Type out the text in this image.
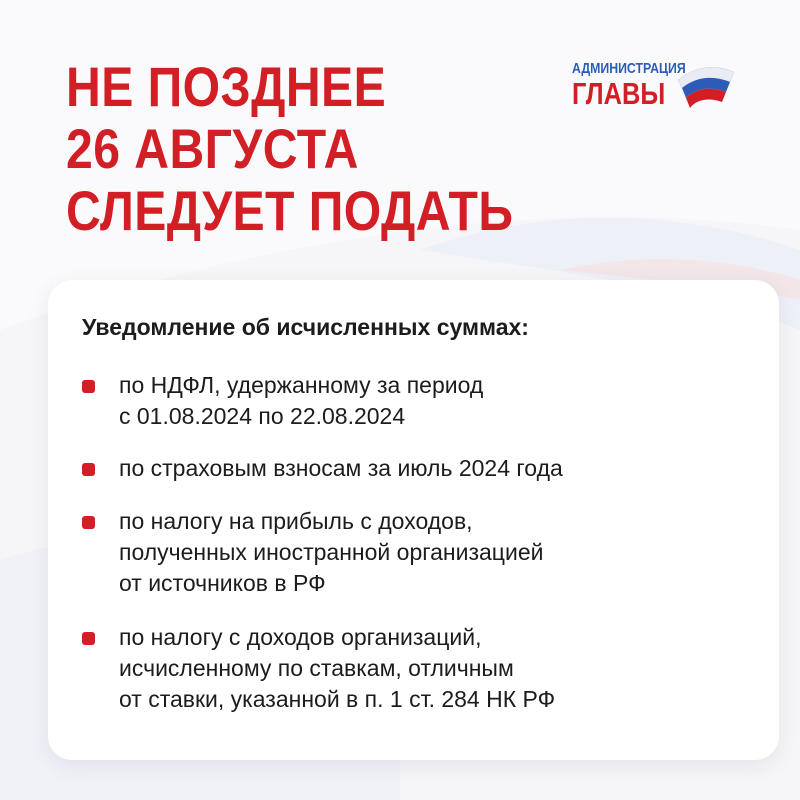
НЕ ПОЗДНЕЕ
26 АВГУСТА
СЛЕДУЕТ ПОДАТЬ
АДМИНИСТРАЦИЯ
ГЛАВЫ
Уведомление об исчисленных суммах:
по НДФЛ, удержанному за период
с 01.08.2024 по 22.08.2024
по страховым взносам за июль 2024 года
по налогу на прибыль с доходов,
полученных иностранной организацией
от источников в РФ
по налогу с доходов организаций,
исчисленному по ставкам, отличным
от ставки, указанной в п. 1 ст. 284 НК РФ
